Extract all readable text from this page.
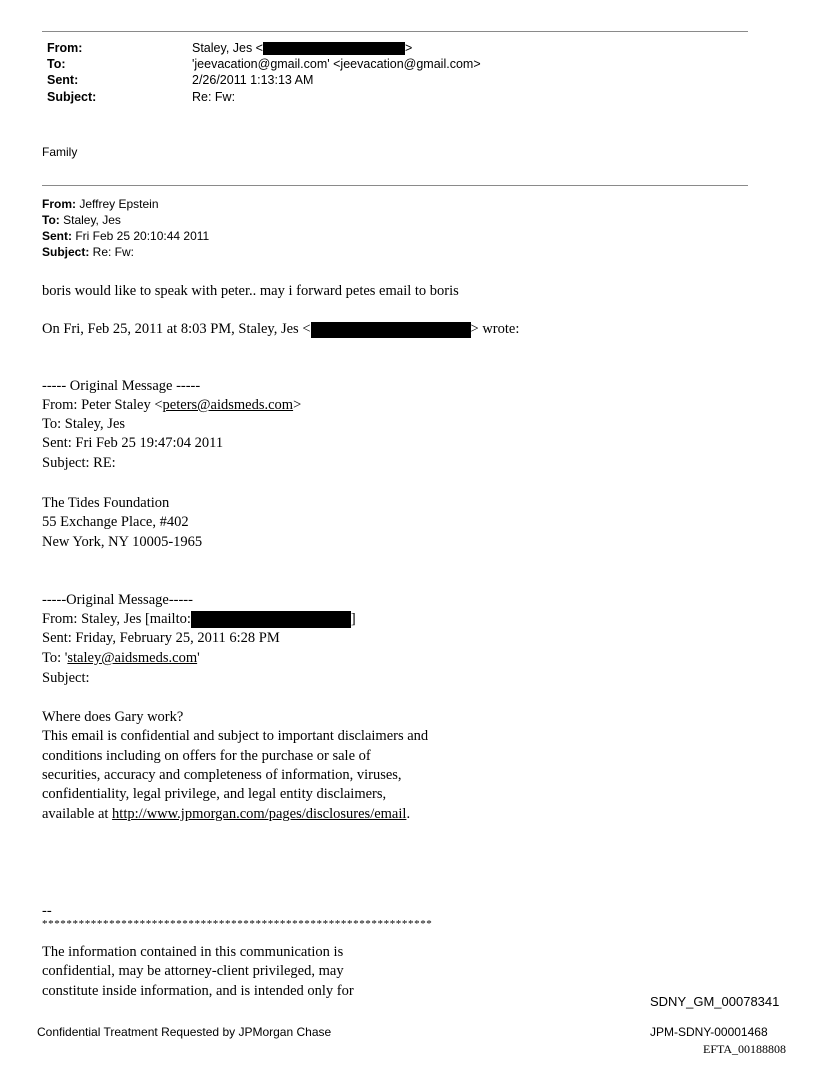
From:	Staley, Jes <	>
To:	'jeevacation@gmail.com' <jeevacation@gmail.com>
Sent:	2/26/2011 1:13:13 AM
Subject:	Re: Fw:
Family
From: Jeffrey Epstein
To: Staley, Jes
Sent: Fri Feb 25 20:10:44 2011
Subject: Re: Fw:
boris would like to speak with peter.. may i forward petes email to boris
On Fri, Feb 25, 2011 at 8:03 PM, Staley, Jes <	> wrote:
----- Original Message -----
From: Peter Staley <peters@aidsmeds.com>
To: Staley, Jes
Sent: Fri Feb 25 19:47:04 2011
Subject: RE:
The Tides Foundation
55 Exchange Place, #402
New York, NY 10005-1965
-----Original Message-----
From: Staley, Jes [mailto:	]
Sent: Friday, February 25, 2011 6:28 PM
To: 'staley@aidsmeds.com'
Subject:
Where does Gary work?
This email is confidential and subject to important disclaimers and
conditions including on offers for the purchase or sale of
securities, accuracy and completeness of information, viruses,
confidentiality, legal privilege, and legal entity disclaimers,
available at http://www.jpmorgan.com/pages/disclosures/email.
--
****************************************************************
The information contained in this communication is
confidential, may be attorney-client privileged, may
constitute inside information, and is intended only for
SDNY_GM_00078341
Confidential Treatment Requested by JPMorgan Chase	JPM-SDNY-00001468
EFTA_00188808
